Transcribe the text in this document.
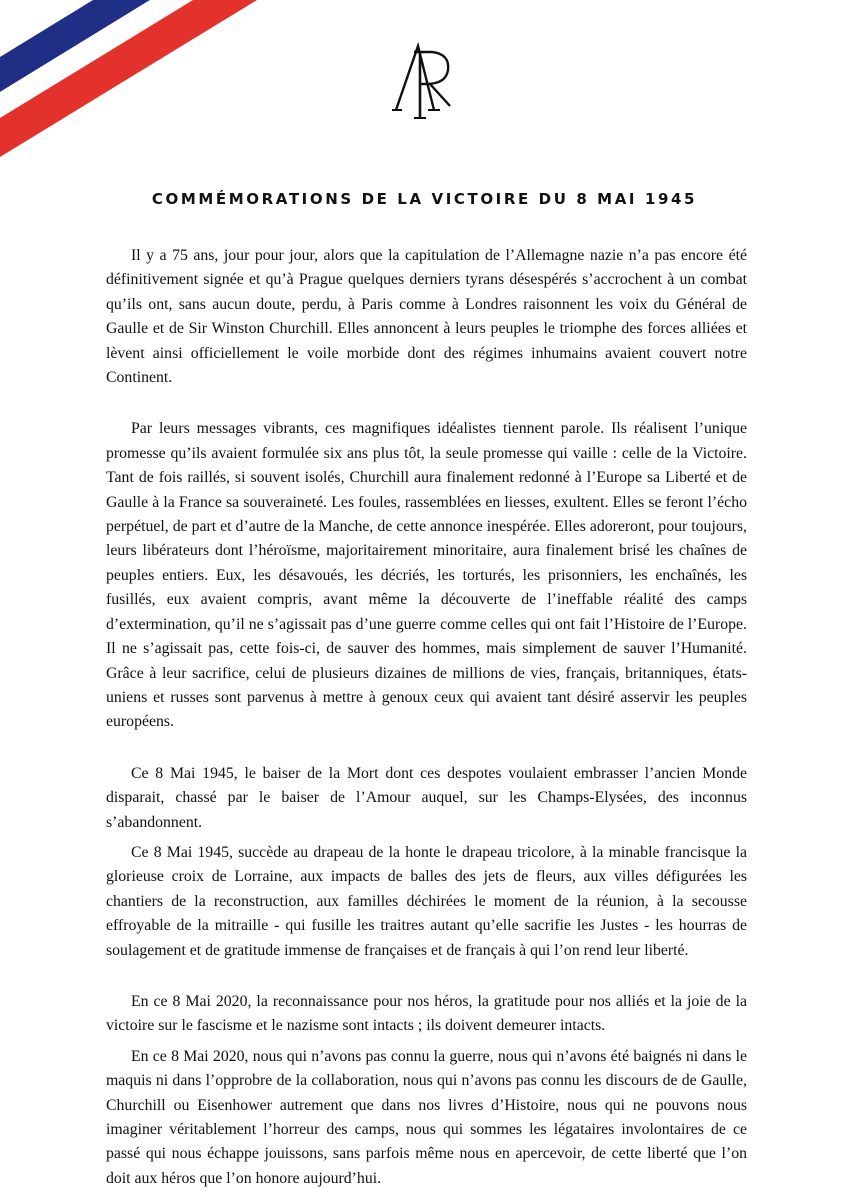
COMMÉMORATIONS DE LA VICTOIRE DU 8 MAI 1945

Il y a 75 ans, jour pour jour, alors que la capitulation de l’Allemagne nazie n’a pas encore été définitivement signée et qu’à Prague quelques derniers tyrans désespérés s’accrochent à un combat qu’ils ont, sans aucun doute, perdu, à Paris comme à Londres raisonnent les voix du Général de Gaulle et de Sir Winston Churchill. Elles annoncent à leurs peuples le triomphe des forces alliées et lèvent ainsi officiellement le voile morbide dont des régimes inhumains avaient couvert notre Continent.

Par leurs messages vibrants, ces magnifiques idéalistes tiennent parole. Ils réalisent l’unique promesse qu’ils avaient formulée six ans plus tôt, la seule promesse qui vaille : celle de la Victoire. Tant de fois raillés, si souvent isolés, Churchill aura finalement redonné à l’Europe sa Liberté et de Gaulle à la France sa souveraineté. Les foules, rassemblées en liesses, exultent. Elles se feront l’écho perpétuel, de part et d’autre de la Manche, de cette annonce inespérée. Elles adoreront, pour toujours, leurs libérateurs dont l’héroïsme, majoritairement minoritaire, aura finalement brisé les chaînes de peuples entiers. Eux, les désavoués, les décriés, les torturés, les prisonniers, les enchaînés, les fusillés, eux avaient compris, avant même la découverte de l’ineffable réalité des camps d’extermination, qu’il ne s’agissait pas d’une guerre comme celles qui ont fait l’Histoire de l’Europe. Il ne s’agissait pas, cette fois-ci, de sauver des hommes, mais simplement de sauver l’Humanité. Grâce à leur sacrifice, celui de plusieurs dizaines de millions de vies, français, britanniques, états-uniens et russes sont parvenus à mettre à genoux ceux qui avaient tant désiré asservir les peuples européens.

Ce 8 Mai 1945, le baiser de la Mort dont ces despotes voulaient embrasser l’ancien Monde disparait, chassé par le baiser de l’Amour auquel, sur les Champs-Elysées, des inconnus s’abandonnent.

Ce 8 Mai 1945, succède au drapeau de la honte le drapeau tricolore, à la minable francisque la glorieuse croix de Lorraine, aux impacts de balles des jets de fleurs, aux villes défigurées les chantiers de la reconstruction, aux familles déchirées le moment de la réunion, à la secousse effroyable de la mitraille - qui fusille les traitres autant qu’elle sacrifie les Justes - les hourras de soulagement et de gratitude immense de françaises et de français à qui l’on rend leur liberté.

En ce 8 Mai 2020, la reconnaissance pour nos héros, la gratitude pour nos alliés et la joie de la victoire sur le fascisme et le nazisme sont intacts ; ils doivent demeurer intacts.

En ce 8 Mai 2020, nous qui n’avons pas connu la guerre, nous qui n’avons été baignés ni dans le maquis ni dans l’opprobre de la collaboration, nous qui n’avons pas connu les discours de de Gaulle, Churchill ou Eisenhower autrement que dans nos livres d’Histoire, nous qui ne pouvons nous imaginer véritablement l’horreur des camps, nous qui sommes les légataires involontaires de ce passé qui nous échappe jouissons, sans parfois même nous en apercevoir, de cette liberté que l’on doit aux héros que l’on honore aujourd’hui.
